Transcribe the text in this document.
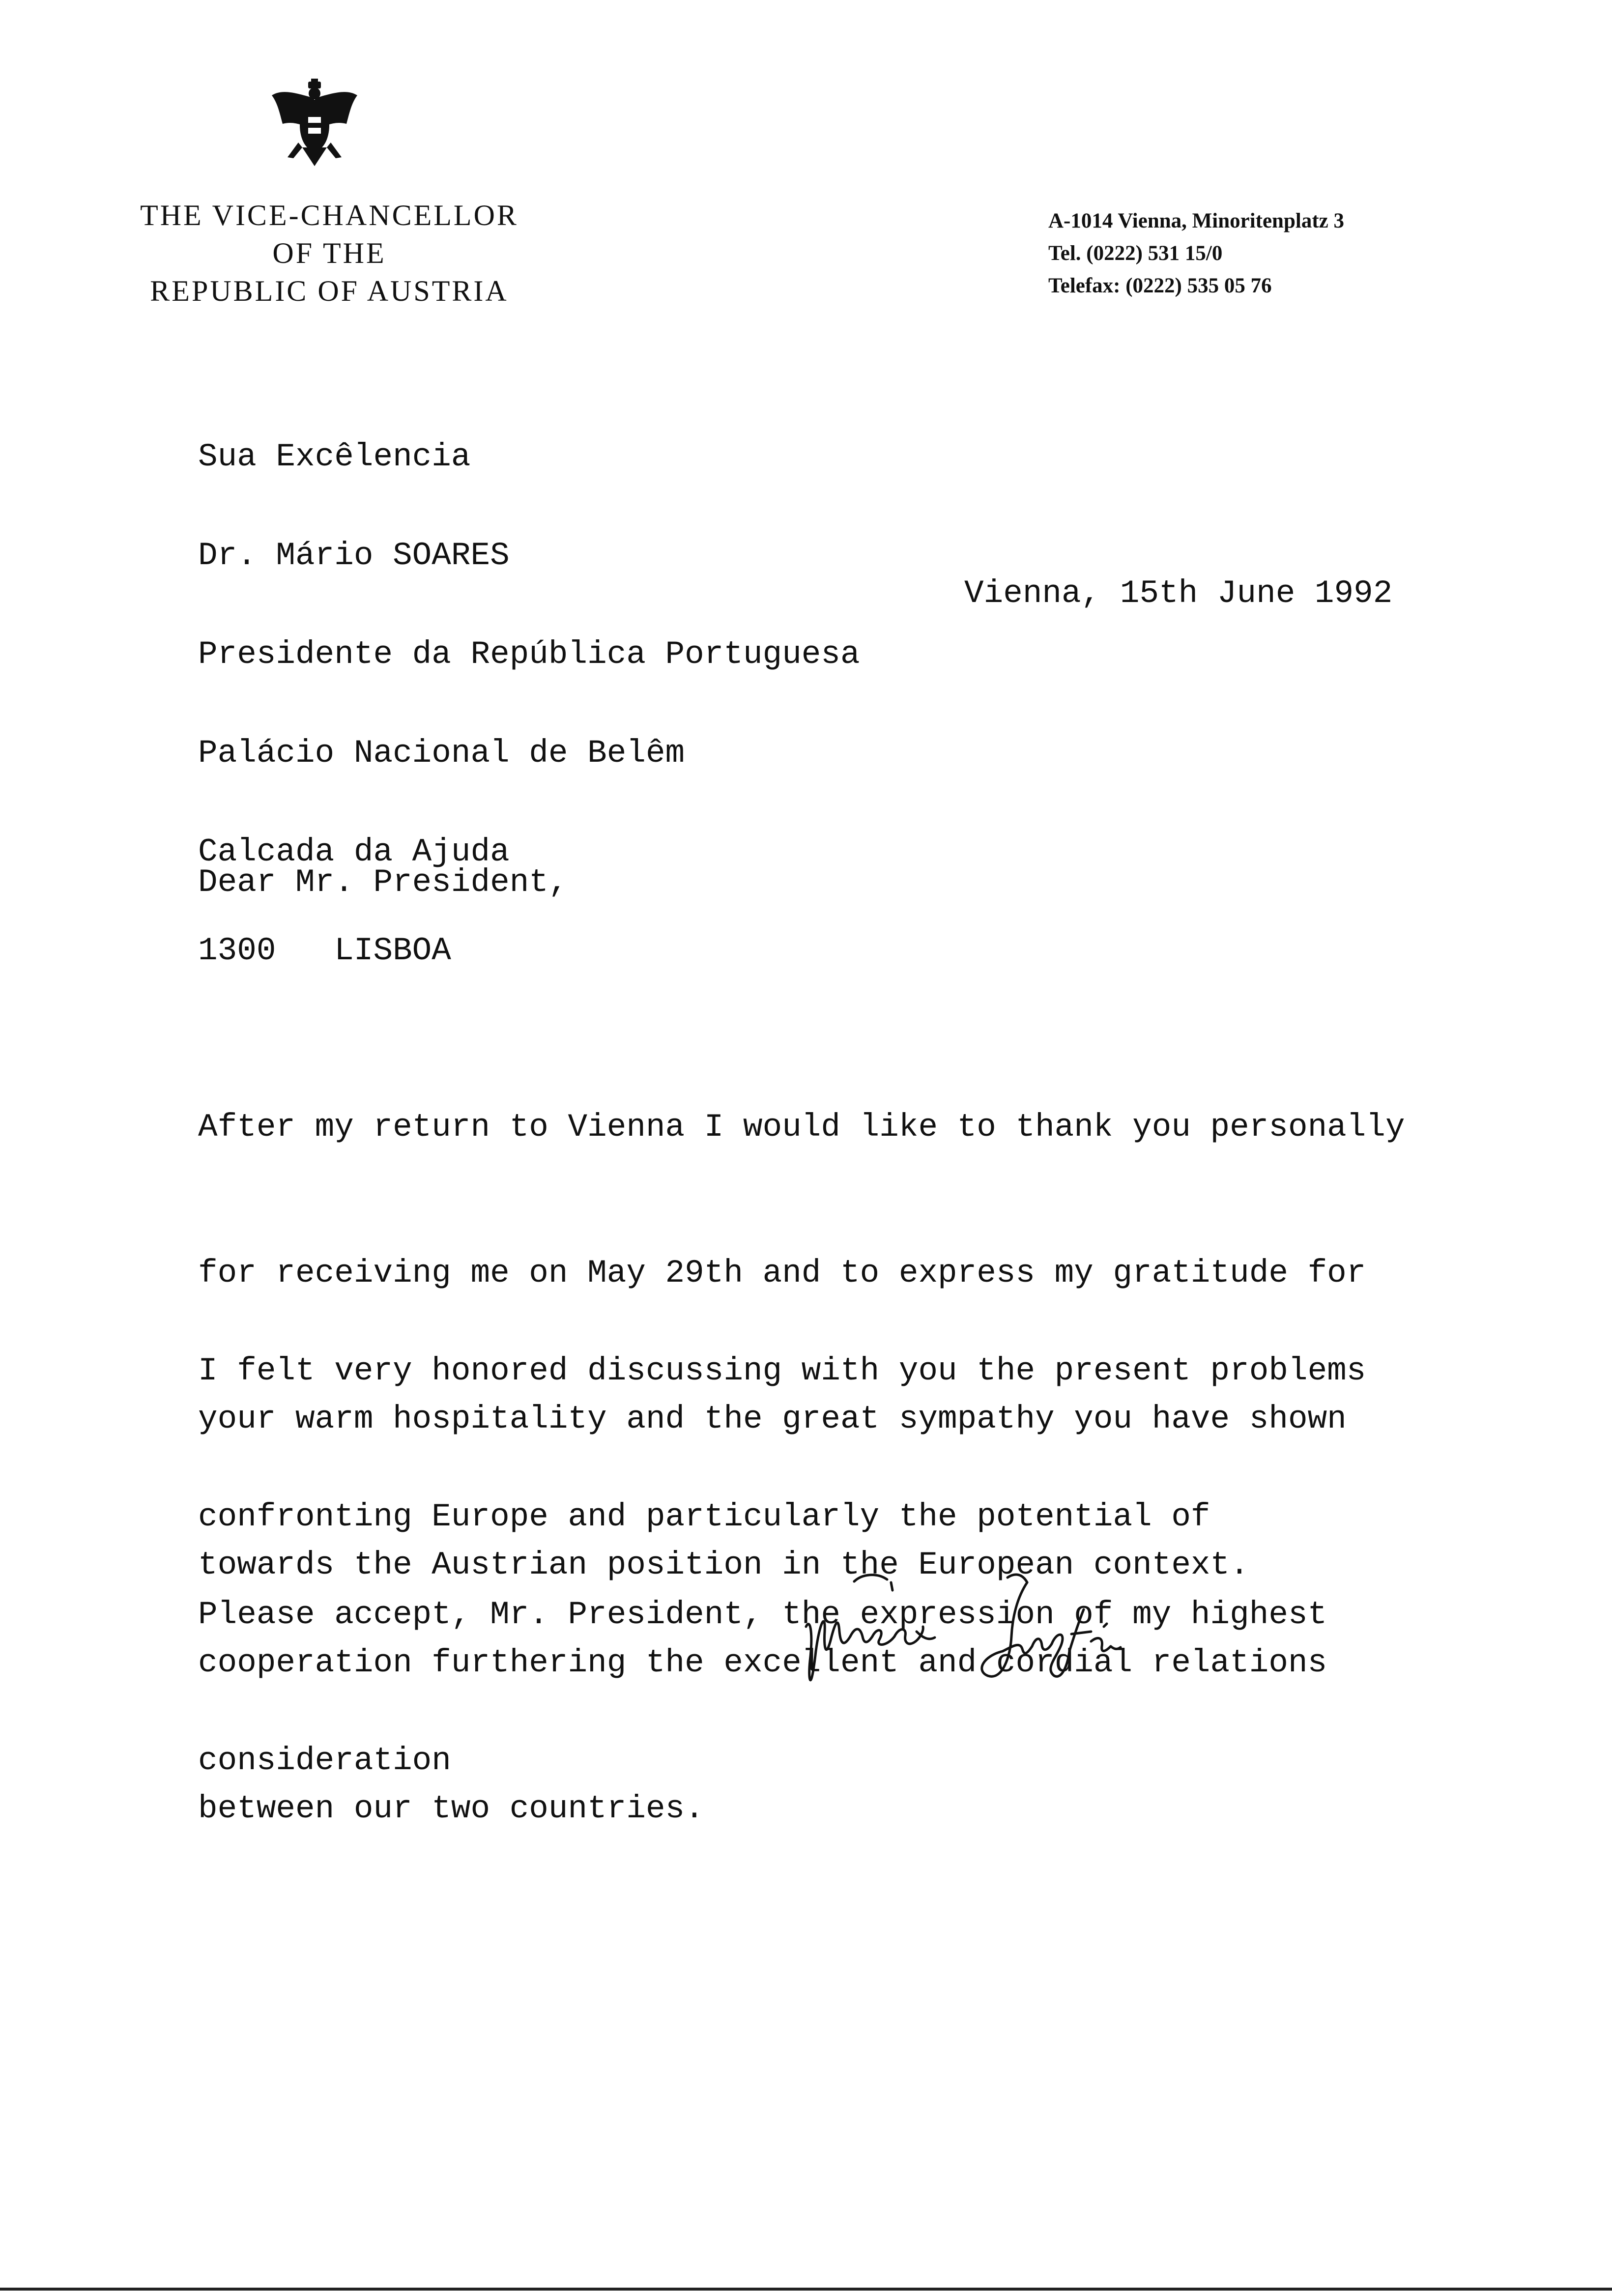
THE VICE-CHANCELLOR
OF THE
REPUBLIC OF AUSTRIA
A-1014 Vienna, Minoritenplatz 3
Tel. (0222) 531 15/0
Telefax: (0222) 535 05 76

Sua Excêlencia

Dr. Mário SOARES

Presidente da República Portuguesa

Palácio Nacional de Belêm

Calcada da Ajuda

1300   LISBOA

Vienna, 15th June 1992
Dear Mr. President,

After my return to Vienna I would like to thank you personally

for receiving me on May 29th and to express my gratitude for

your warm hospitality and the great sympathy you have shown

towards the Austrian position in the European context.

I felt very honored discussing with you the present problems

confronting Europe and particularly the potential of

cooperation furthering the excellent and cordial relations

between our two countries.

Please accept, Mr. President, the expression of my highest

consideration
